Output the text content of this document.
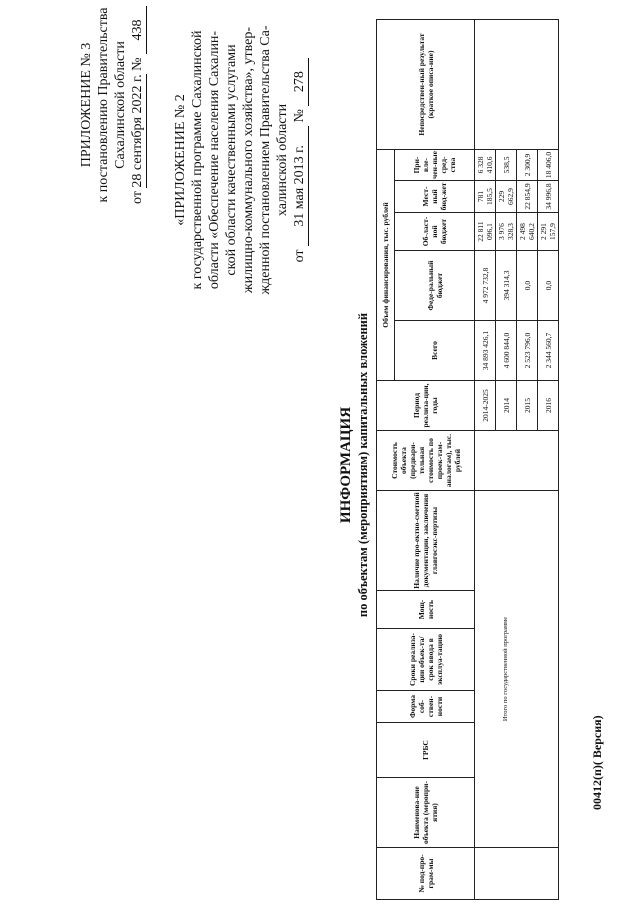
ПРИЛОЖЕНИЕ № 3 к постановлению Правительства Сахалинской области
от 28 сентября 2022 г. № 438
«ПРИЛОЖЕНИЕ № 2 к государственной программе Сахалинской области «Обеспечение населения Сахалин- ской области качественными услугами жилищно-коммунального хозяйства», утвер- жденной постановлением Правительства Са- халинской области
от 31 мая 2013 г. № 278
ИНФОРМАЦИЯ по объектам (мероприятиям) капитальных вложений
№ под-про-грам-мы	Наименова-ние объекта (меропри-ятия)	ГРБС	Форма соб-ствен-ности	Сроки реализа-ции объек-та/срок ввода в эксплуа-тацию	Мощ-ность	Наличие про-ектно-сметной документации, заключения главгосэкс-пертизы	Стоимость объекта (предвари-тельная стоимость по проек-там-аналогам), тыс. рублей	Период реализа-ции, годы	Объем финансирования, тыс. рублей					Непосредствен-ный результат (краткое описа-ние)
									Всего	Феде-ральный бюджет	Об-ласт-ной бюджет	Мест-ный бюд-жет	При-вле-чен-ные сред-ства	
	Итого по государственной программе							2014-2025	34 893 426,1	4 972 732,8	22 811 096,1	781 185,5	6 328 410,6	
								2014	4 600 844,0	394 314,3	3 976 328,3	229 662,9	538,5	
								2015	2 523 796,0	0,0	2 498 640,2	22 854,9	2 300,9	
								2016	2 344 560,7	0,0	2 291 157,9	34 996,8	18 406,0	
00412(п)( Версия)
